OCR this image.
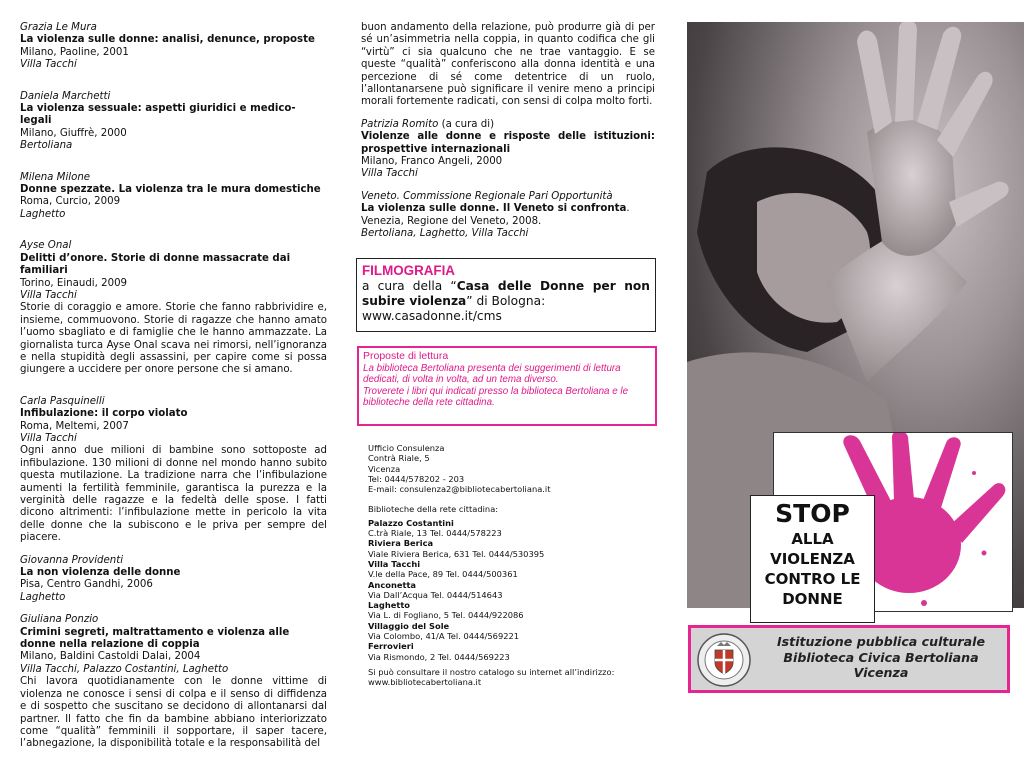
Grazia Le Mura
La violenza sulle donne: analisi, denunce, proposte
Milano, Paoline, 2001
Villa Tacchi
Daniela Marchetti
La violenza sessuale: aspetti giuridici e medico-legali
Milano, Giuffrè, 2000
Bertoliana
Milena Milone
Donne spezzate. La violenza tra le mura domestiche
Roma, Curcio, 2009
Laghetto
Ayse Onal
Delitti d’onore. Storie di donne massacrate dai familiari
Torino, Einaudi, 2009
Villa Tacchi
Storie di coraggio e amore. Storie che fanno rabbrividire e, insieme, commuovono. Storie di ragazze che hanno amato l’uomo sbagliato e di famiglie che le hanno ammazzate. La giornalista turca Ayse Onal scava nei rimorsi, nell’ignoranza e nella stupidità degli assassini, per capire come si possa giungere a uccidere per onore persone che si amano.
Carla Pasquinelli
Infibulazione: il corpo violato
Roma, Meltemi, 2007
Villa Tacchi
Ogni anno due milioni di bambine sono sottoposte ad infibulazione. 130 milioni di donne nel mondo hanno subito questa mutilazione. La tradizione narra che l’infibulazione aumenti la fertilità femminile, garantisca la purezza e la verginità delle ragazze e la fedeltà delle spose. I fatti dicono altrimenti: l’infibulazione mette in pericolo la vita delle donne che la subiscono e le priva per sempre del piacere.
Giovanna Providenti
La non violenza delle donne
Pisa, Centro Gandhi, 2006
Laghetto
Giuliana Ponzio
Crimini segreti, maltrattamento e violenza alle donne nella relazione di coppia
Milano, Baldini Castoldi Dalai, 2004
Villa Tacchi, Palazzo Costantini, Laghetto
Chi lavora quotidianamente con le donne vittime di violenza ne conosce i sensi di colpa e il senso di diffidenza e di sospetto che suscitano se decidono di allontanarsi dal partner. Il fatto che fin da bambine abbiano interiorizzato come “qualità” femminili il sopportare, il saper tacere, l’abnegazione, la disponibilità totale e la responsabilità del
buon andamento della relazione, può produrre già di per sé un’asimmetria nella coppia, in quanto codifica che gli “virtù” ci sia qualcuno che ne trae vantaggio. E se queste “qualità” conferiscono alla donna identità e una percezione di sé come detentrice di un ruolo, l’allontanarsene può significare il venire meno a principi morali fortemente radicati, con sensi di colpa molto forti.
Patrizia Romito (a cura di)
Violenze alle donne e risposte delle istituzioni: prospettive internazionali
Milano, Franco Angeli, 2000
Villa Tacchi
Veneto. Commissione Regionale Pari Opportunità
La violenza sulle donne. Il Veneto si confronta.
Venezia, Regione del Veneto, 2008.
Bertoliana, Laghetto, Villa Tacchi
FILMOGRAFIA
a cura della “Casa delle Donne per non subire violenza” di Bologna:
www.casadonne.it/cms
Proposte di lettura
La biblioteca Bertoliana presenta dei suggerimenti di lettura dedicati, di volta in volta, ad un tema diverso.
Troverete i libri qui indicati presso la biblioteca Bertoliana e le biblioteche della rete cittadina.
Ufficio Consulenza
Contrà Riale, 5
Vicenza
Tel: 0444/578202 - 203
E-mail: consulenza2@bibliotecabertoliana.it
Biblioteche della rete cittadina:
Palazzo Costantini
C.trà Riale, 13 Tel. 0444/578223
Riviera Berica
Viale Riviera Berica, 631 Tel. 0444/530395
Villa Tacchi
V.le della Pace, 89 Tel. 0444/500361
Anconetta
Via Dall’Acqua Tel. 0444/514643
Laghetto
Via L. di Foglianо, 5 Tel. 0444/922086
Villaggio del Sole
Via Colombo, 41/A Tel. 0444/569221
Ferrovieri
Via Rismondo, 2 Tel. 0444/569223
Si può consultare il nostro catalogo su internet all’indirizzo:
www.bibliotecabertoliana.it
STOP
ALLA
VIOLENZA
CONTRO LE
DONNE
Istituzione pubblica culturale
Biblioteca Civica Bertoliana
Vicenza
